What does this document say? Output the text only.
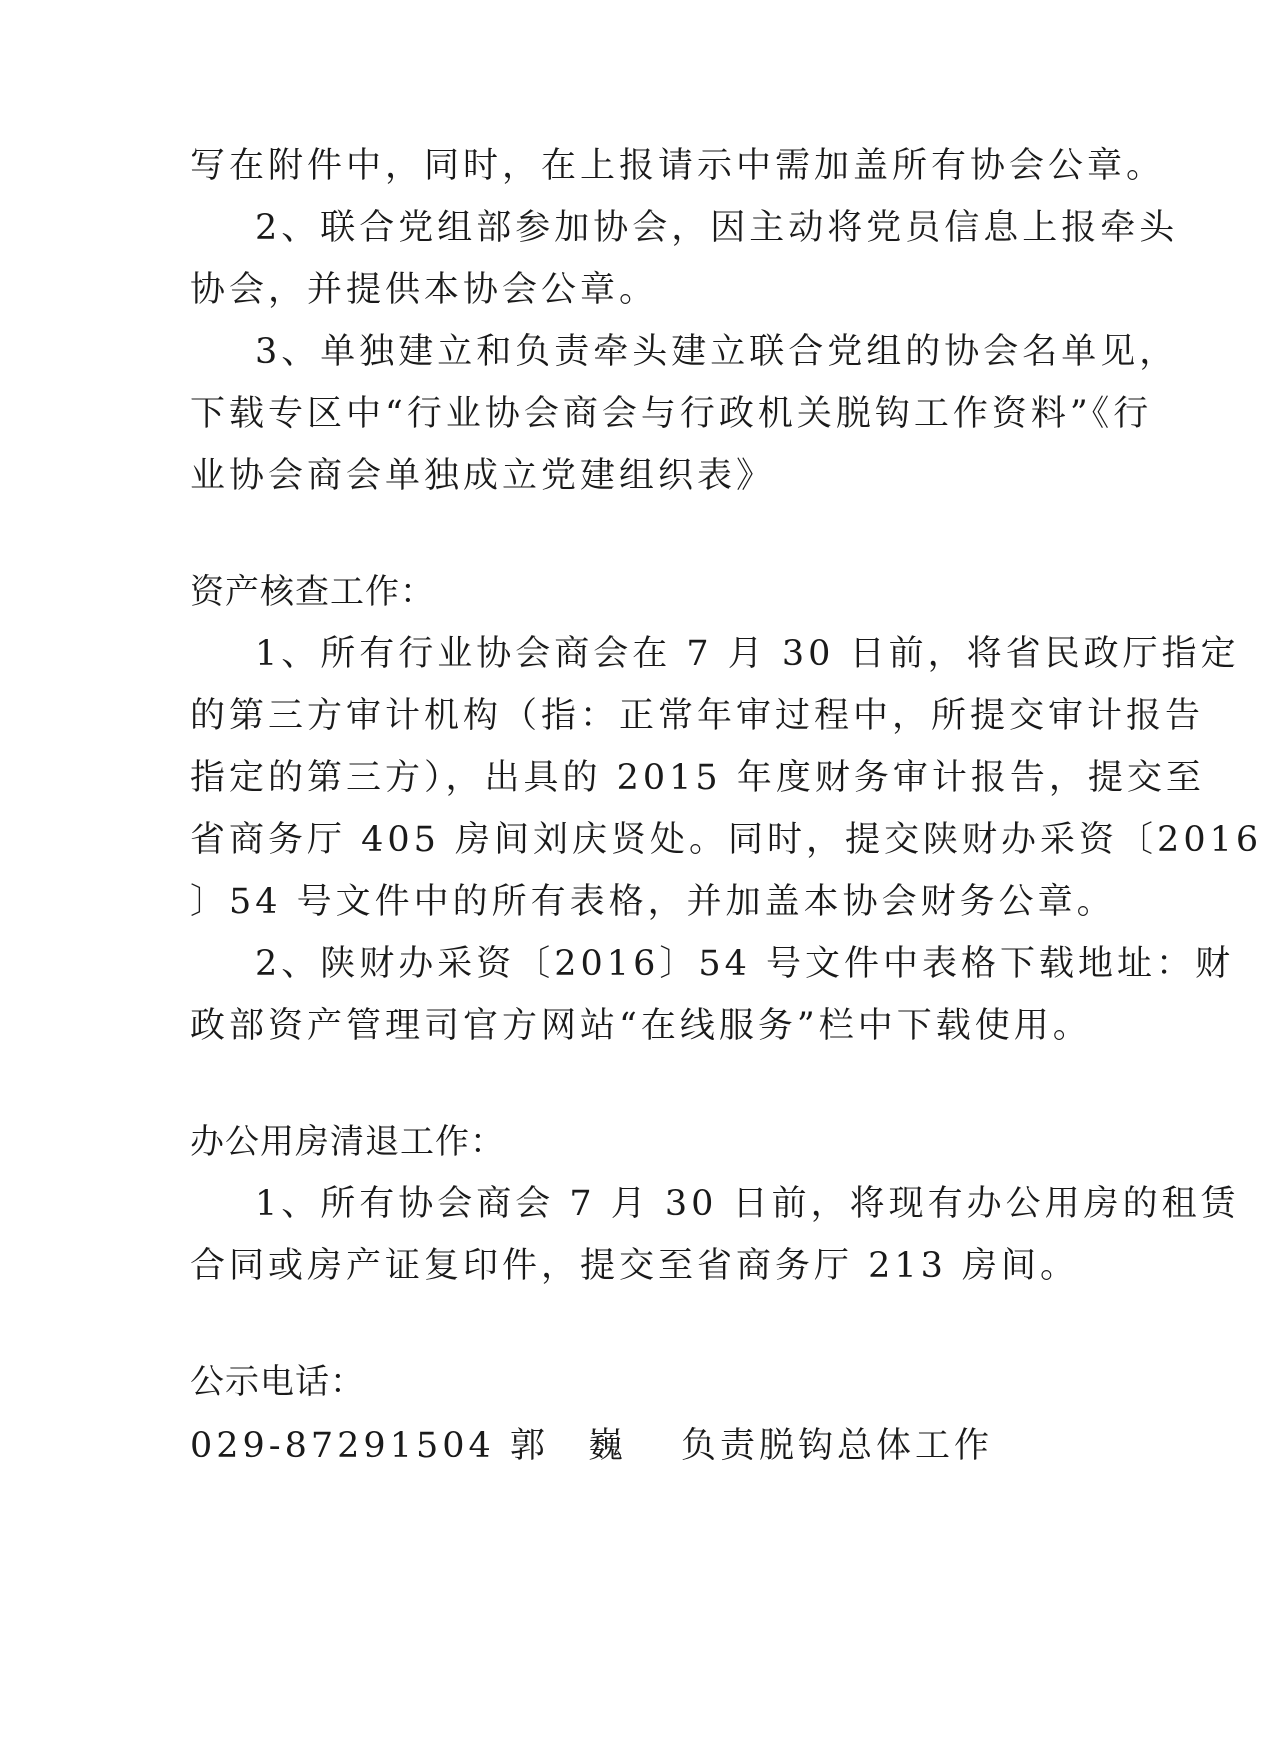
写在附件中，同时，在上报请示中需加盖所有协会公章。
2、联合党组部参加协会，因主动将党员信息上报牵头
协会，并提供本协会公章。
3、单独建立和负责牵头建立联合党组的协会名单见，
下载专区中“行业协会商会与行政机关脱钩工作资料”《行
业协会商会单独成立党建组织表》
资产核查工作：
1、所有行业协会商会在 7 月 30 日前，将省民政厅指定
的第三方审计机构（指：正常年审过程中，所提交审计报告
指定的第三方），出具的 2015 年度财务审计报告，提交至
省商务厅 405 房间刘庆贤处。同时，提交陕财办采资〔2016
〕54 号文件中的所有表格，并加盖本协会财务公章。
2、陕财办采资〔2016〕54 号文件中表格下载地址：财
政部资产管理司官方网站“在线服务”栏中下载使用。
办公用房清退工作：
1、所有协会商会 7 月 30 日前，将现有办公用房的租赁
合同或房产证复印件，提交至省商务厅 213 房间。
公示电话：
029-87291504 郭　巍　 负责脱钩总体工作
